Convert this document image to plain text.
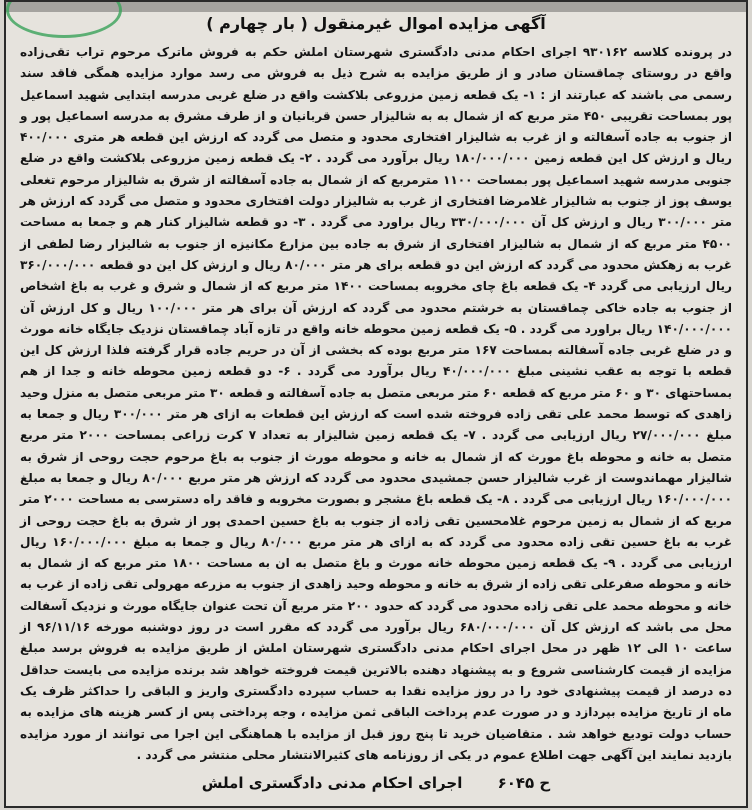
آگهی مزایده اموال غیرمنقول ( بار چهارم )
در پرونده کلاسه ۹۳۰۱۶۲ اجرای احکام مدنی دادگستری شهرستان املش حکم به فروش ماترک مرحوم تراب تقی‌زاده واقع در روستای چماقستان صادر و از طریق مزایده به شرح ذیل به فروش می رسد موارد مزایده همگی فاقد سند رسمی می باشند که عبارتند از : ۱- یک قطعه زمین مزروعی بلاکشت واقع در ضلع غربی مدرسه ابتدایی شهید اسماعیل پور بمساحت تقریبی ۴۵۰ متر مربع که از شمال به به شالیزار حسن قربانیان و از طرف مشرق به مدرسه اسماعیل پور و از جنوب به جاده آسفالته و از غرب به شالیزار افتخاری محدود و متصل می گردد که ارزش این قطعه هر متری ۴۰۰/۰۰۰ ریال و ارزش کل این قطعه زمین ۱۸۰/۰۰۰/۰۰۰ ریال برآورد می گردد . ۲- یک قطعه زمین مزروعی بلاکشت واقع در ضلع جنوبی مدرسه شهید اسماعیل پور بمساحت ۱۱۰۰ مترمربع که از شمال به جاده آسفالته از شرق به شالیزار مرحوم تغعلی یوسف پوز از جنوب به شالیزار غلامرضا افتخاری از غرب به شالیزار دولت افتخاری محدود و متصل می گردد که ارزش هر متر ۳۰۰/۰۰۰ ریال و ارزش کل آن ۳۳۰/۰۰۰/۰۰۰ ریال براورد می گردد . ۳- دو قطعه شالیزار کنار هم و جمعا به مساحت ۴۵۰۰ متر مربع که از شمال به شالیزار افتخاری از شرق به جاده بین مزارع مکانیزه از جنوب به شالیزار رضا لطفی از غرب به زهکش محدود می گردد که ارزش این دو قطعه برای هر متر ۸۰/۰۰۰ ریال و ارزش کل این دو قطعه ۳۶۰/۰۰۰/۰۰۰ ریال ارزیابی می گردد ۴- یک قطعه باغ چای مخروبه بمساحت ۱۴۰۰ متر مربع که از شمال و شرق و غرب به باغ اشخاص از جنوب به جاده خاکی چماقستان به خرشتم محدود می گردد که ارزش آن برای هر متر ۱۰۰/۰۰۰ ریال و کل ارزش آن ۱۴۰/۰۰۰/۰۰۰ ریال براورد می گردد . ۵- یک قطعه زمین محوطه خانه واقع در تازه آباد چماقستان نزدیک جایگاه خانه مورث و در ضلع غربی جاده آسفالته بمساحت ۱۶۷ متر مربع بوده که بخشی از آن در حریم جاده قرار گرفته فلذا ارزش کل این قطعه با توجه به عقب نشینی مبلغ ۴۰/۰۰۰/۰۰۰ ریال برآورد می گردد . ۶- دو قطعه زمین محوطه خانه و جدا از هم بمساحتهای ۳۰ و ۶۰ متر مربع که قطعه ۶۰ متر مربعی متصل به جاده آسفالته و قطعه ۳۰ متر مربعی متصل به منزل وحید زاهدی که توسط محمد علی تقی زاده فروخته شده است که ارزش این قطعات به ازای هر متر ۳۰۰/۰۰۰ ریال و جمعا به مبلغ ۲۷/۰۰۰/۰۰۰ ریال ارزیابی می گردد . ۷- یک قطعه زمین شالیزار به تعداد ۷ کرت زراعی بمساحت ۲۰۰۰ متر مربع متصل به خانه و محوطه باغ مورث که از شمال به خانه و محوطه مورث از جنوب به باغ مرحوم حجت روحی از شرق به شالیزار مهماندوست از غرب شالیزار حسن جمشیدی محدود می گردد که ارزش هر متر مربع ۸۰/۰۰۰ ریال و جمعا به مبلغ ۱۶۰/۰۰۰/۰۰۰ ریال ارزیابی می گردد . ۸- یک قطعه باغ مشجر و بصورت مخروبه و فاقد راه دسترسی به مساحت ۲۰۰۰ متر مربع که از شمال به زمین مرحوم غلامحسین تقی زاده از جنوب به باغ حسین احمدی پور از شرق به باغ حجت روحی از غرب به باغ حسین تقی زاده محدود می گردد که به ازای هر متر مربع ۸۰/۰۰۰ ریال و جمعا به مبلغ ۱۶۰/۰۰۰/۰۰۰ ریال ارزیابی می گردد . ۹- یک قطعه زمین محوطه خانه مورث و باغ متصل به ان به مساحت ۱۸۰۰ متر مربع که از شمال به خانه و محوطه صفرعلی تقی زاده از شرق به خانه و محوطه وحید زاهدی از جنوب به مزرعه مهرولی تقی زاده از غرب به خانه و محوطه محمد علی تقی زاده محدود می گردد که حدود ۲۰۰ متر مربع آن تحت عنوان جایگاه مورث و نزدیک آسفالت محل می باشد که ارزش کل آن ۶۸۰/۰۰۰/۰۰۰ ریال برآورد می گردد که مقرر است در روز دوشنبه مورخه ۹۶/۱۱/۱۶ از ساعت ۱۰ الی ۱۲ ظهر در محل اجرای احکام مدنی دادگستری شهرستان املش از طریق مزایده به فروش برسد مبلغ مزایده از قیمت کارشناسی شروع و به پیشنهاد دهنده بالاترین قیمت فروخته خواهد شد برنده مزایده می بایست حداقل ده درصد از قیمت پیشنهادی خود را در روز مزایده نقدا به حساب سپرده دادگستری واریز و الباقی را حداکثر ظرف یک ماه از تاریخ مزایده بپردازد و در صورت عدم پرداخت الباقی ثمن مزایده ، وجه پرداختی پس از کسر هزینه های مزایده به حساب دولت تودیع خواهد شد . متقاضیان خرید تا پنج روز قبل از مزایده با هماهنگی این اجرا می توانند از مورد مزایده بازدید نمایند این آگهی جهت اطلاع عموم در یکی از روزنامه های کثیرالانتشار محلی منتشر می گردد .
ح ۶۰۴۵ اجرای احکام مدنی دادگستری املش
